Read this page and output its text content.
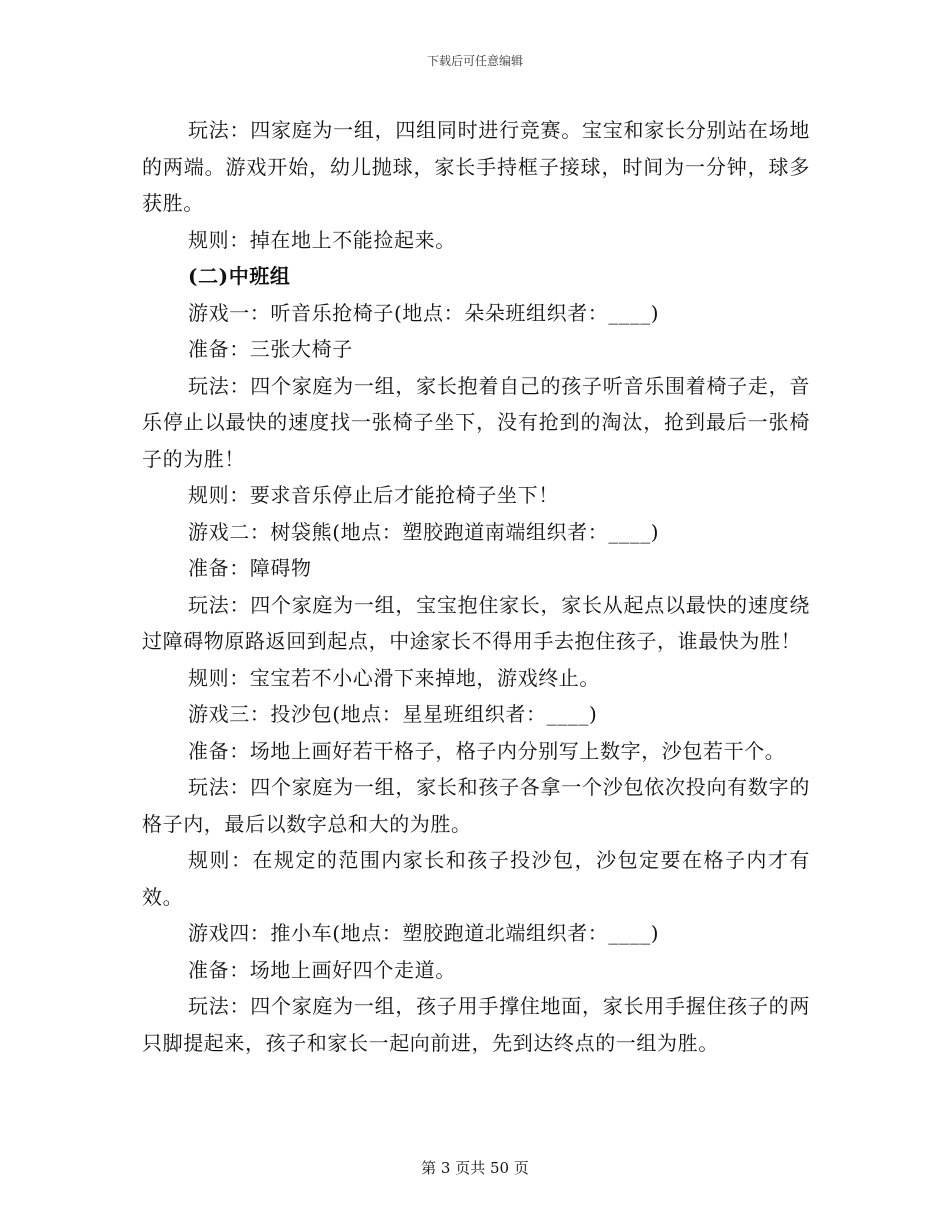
下载后可任意编辑

玩法：四家庭为一组，四组同时进行竞赛。宝宝和家长分别站在场地的两端。游戏开始，幼儿抛球，家长手持框子接球，时间为一分钟，球多获胜。

规则：掉在地上不能捡起来。

(二)中班组

游戏一：听音乐抢椅子(地点：朵朵班组织者：____)

准备：三张大椅子

玩法：四个家庭为一组，家长抱着自己的孩子听音乐围着椅子走，音乐停止以最快的速度找一张椅子坐下，没有抢到的淘汰，抢到最后一张椅子的为胜！

规则：要求音乐停止后才能抢椅子坐下！

游戏二：树袋熊(地点：塑胶跑道南端组织者：____)

准备：障碍物

玩法：四个家庭为一组，宝宝抱住家长，家长从起点以最快的速度绕过障碍物原路返回到起点，中途家长不得用手去抱住孩子，谁最快为胜！

规则：宝宝若不小心滑下来掉地，游戏终止。

游戏三：投沙包(地点：星星班组织者：____)

准备：场地上画好若干格子，格子内分别写上数字，沙包若干个。

玩法：四个家庭为一组，家长和孩子各拿一个沙包依次投向有数字的格子内，最后以数字总和大的为胜。

规则：在规定的范围内家长和孩子投沙包，沙包定要在格子内才有效。

游戏四：推小车(地点：塑胶跑道北端组织者：____)

准备：场地上画好四个走道。

玩法：四个家庭为一组，孩子用手撑住地面，家长用手握住孩子的两只脚提起来，孩子和家长一起向前进，先到达终点的一组为胜。

第 3 页共 50 页
